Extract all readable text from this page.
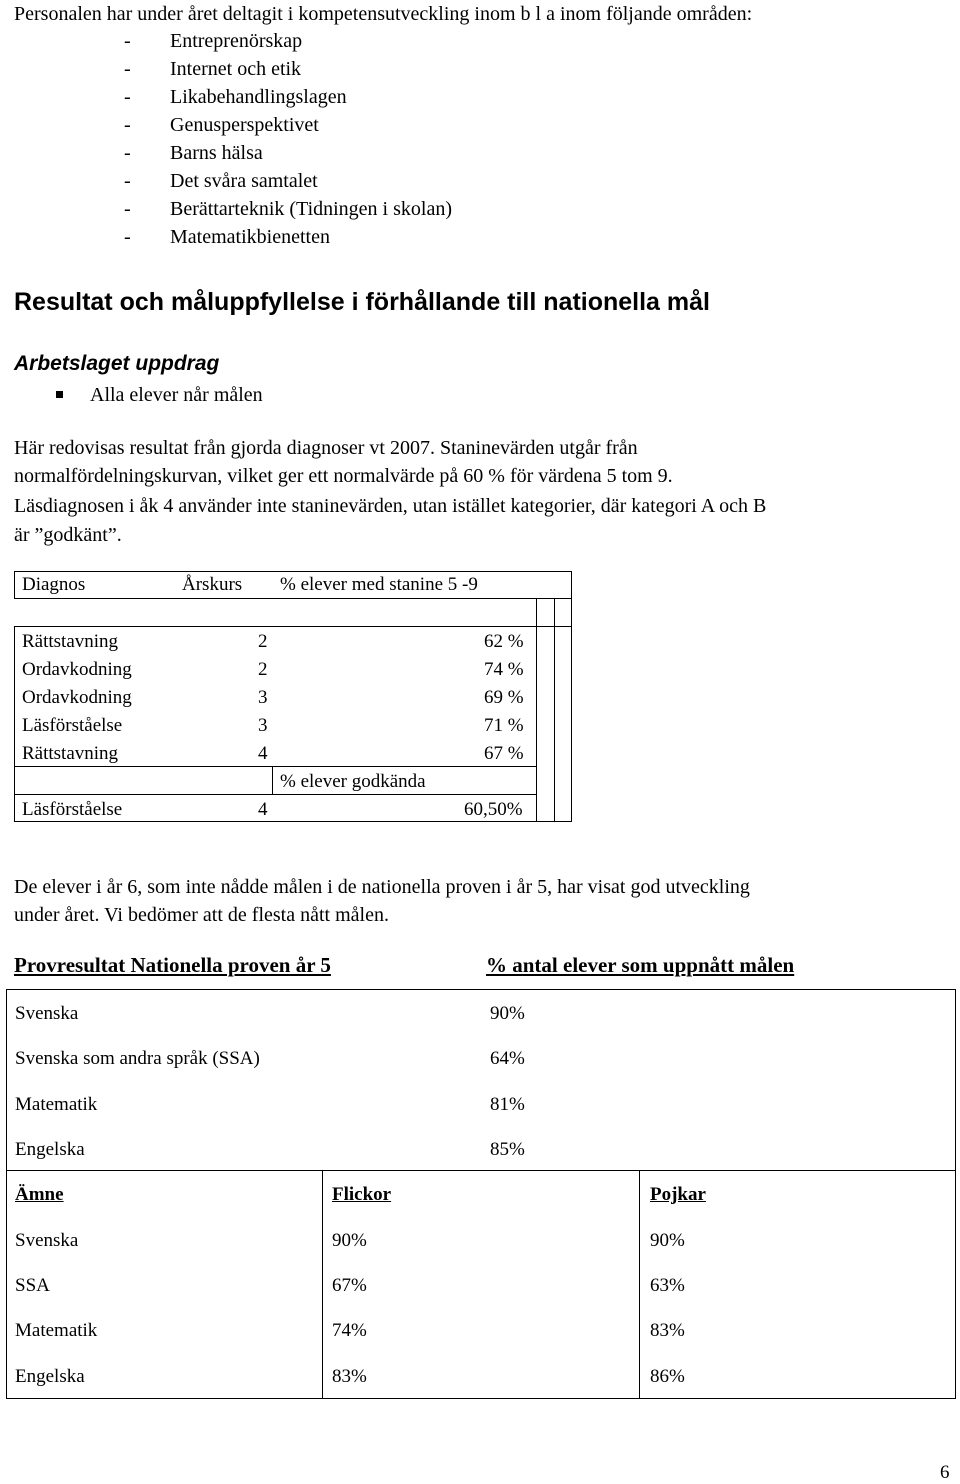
Personalen har under året deltagit i kompetensutveckling inom b l a inom följande områden:
- Entreprenörskap
- Internet och etik
- Likabehandlingslagen
- Genusperspektivet
- Barns hälsa
- Det svåra samtalet
- Berättarteknik (Tidningen i skolan)
- Matematikbienetten
Resultat och måluppfyllelse i förhållande till nationella mål
Arbetslaget uppdrag
Alla elever når målen
Här redovisas resultat från gjorda diagnoser vt 2007. Staninevärden utgår från
normalfördelningskurvan, vilket ger ett normalvärde på 60 % för värdena 5 tom 9.
Läsdiagnosen i åk 4 använder inte staninevärden, utan istället kategorier, där kategori A och B
är ”godkänt”.
Diagnos	Årskurs % elever med stanine 5 -9
Rättstavning	2	62 %
Ordavkodning	2	74 %
Ordavkodning	3	69 %
Läsförståelse	3	71 %
Rättstavning	4	67 %
% elever godkända
Läsförståelse	4	60,50%
De elever i år 6, som inte nådde målen i de nationella proven i år 5, har visat god utveckling
under året. Vi bedömer att de flesta nått målen.
Provresultat Nationella proven år 5	% antal elever som uppnått målen
Svenska	90%
Svenska som andra språk (SSA)	64%
Matematik	81%
Engelska	85%
Ämne	Flickor	Pojkar
Svenska	90%	90%
SSA	67%	63%
Matematik	74%	83%
Engelska	83%	86%
6
